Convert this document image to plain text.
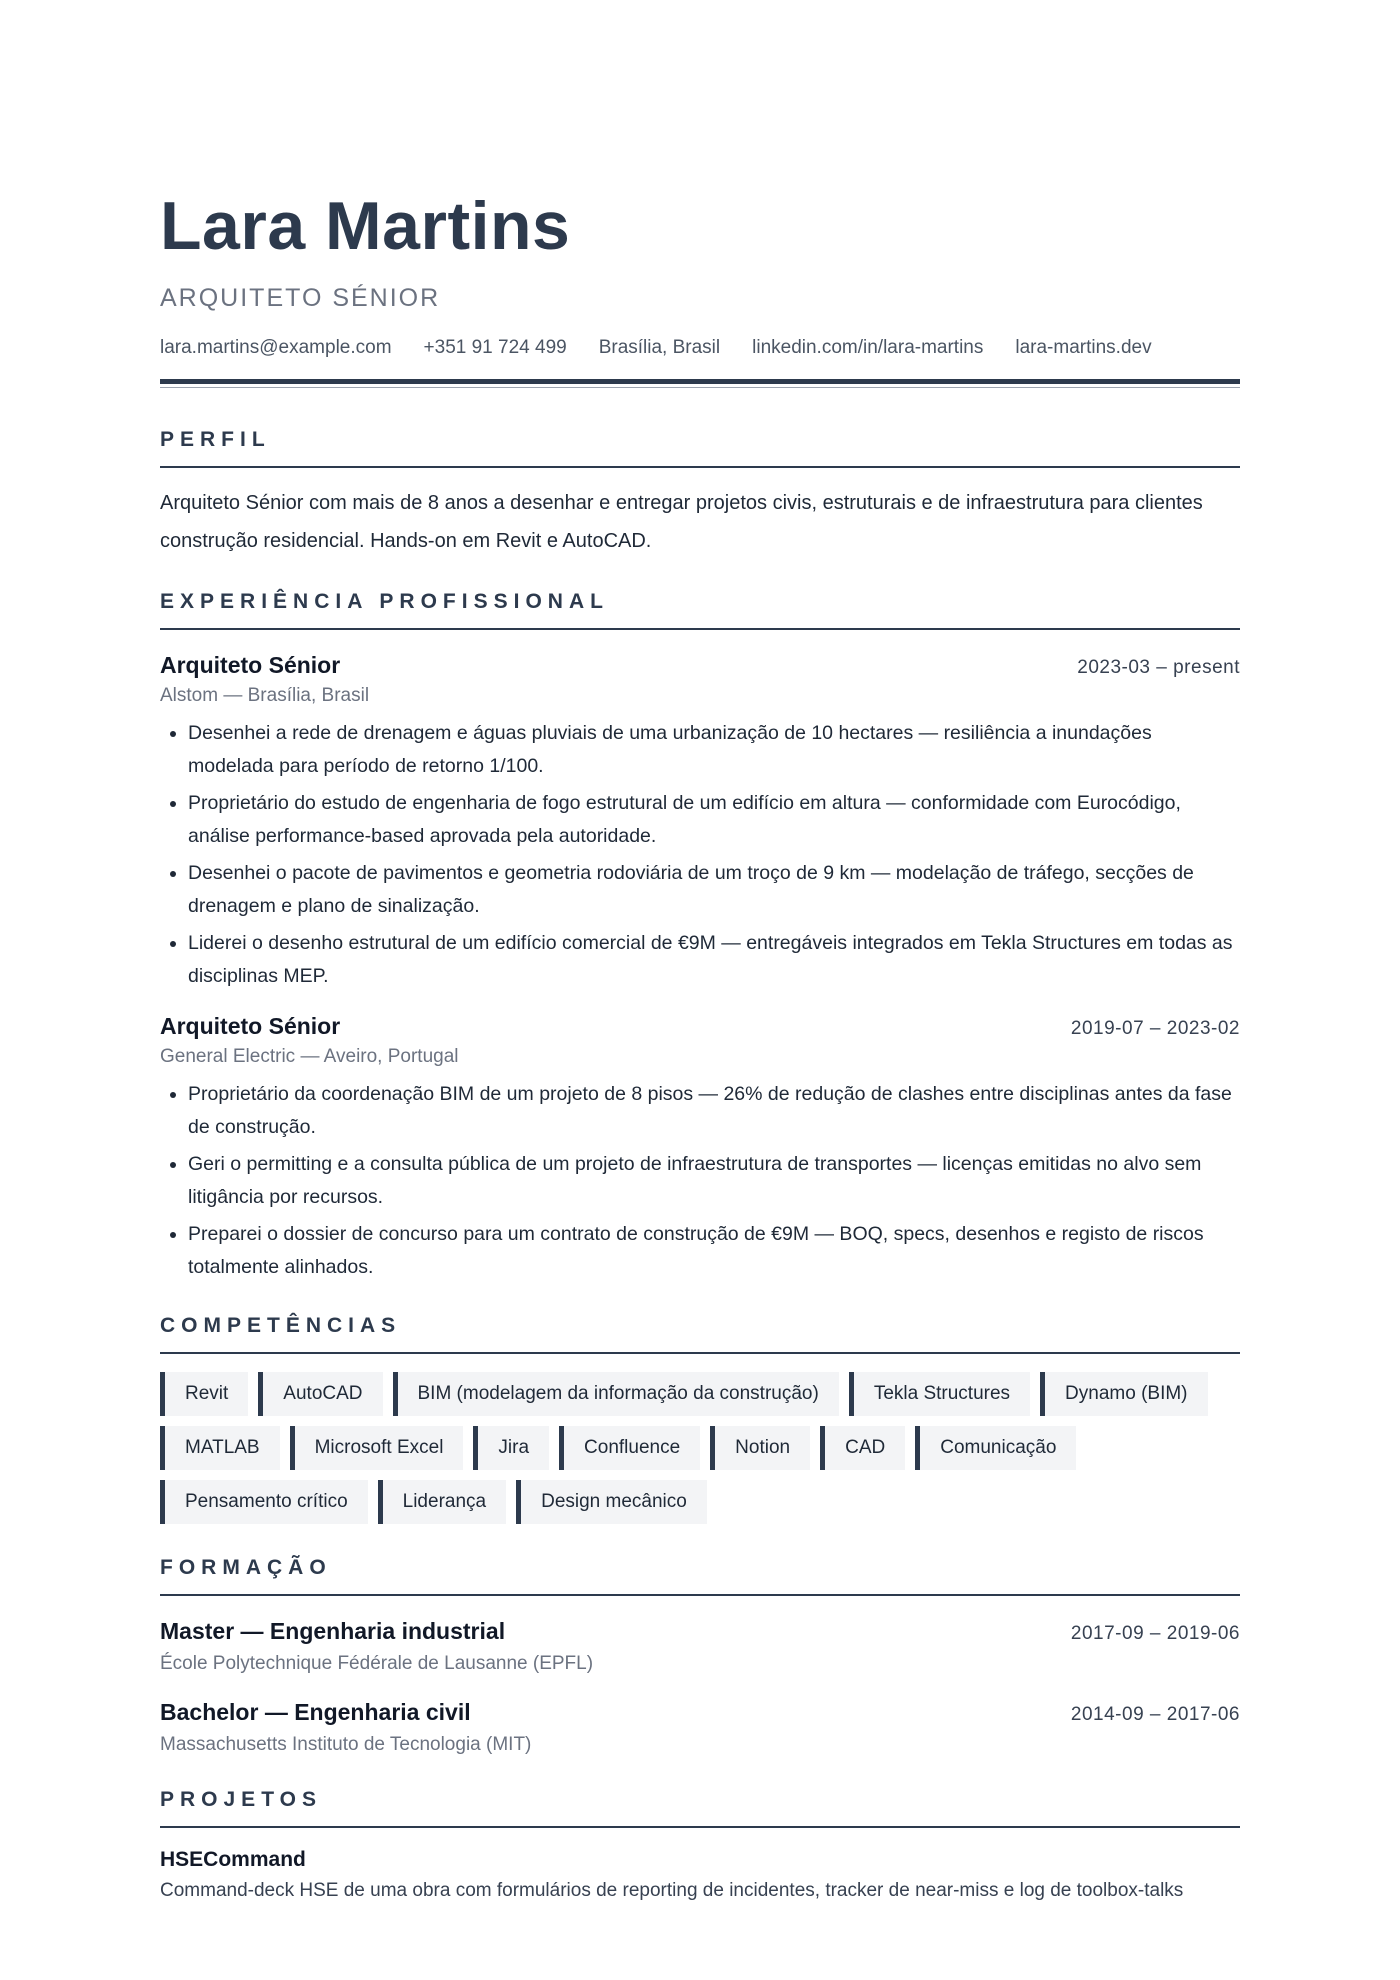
Lara Martins
ARQUITETO SÉNIOR
lara.martins@example.com +351 91 724 499 Brasília, Brasil linkedin.com/in/lara-martins lara-martins.dev
PERFIL
Arquiteto Sénior com mais de 8 anos a desenhar e entregar projetos civis, estruturais e de infraestrutura para clientes construção residencial. Hands-on em Revit e AutoCAD.
EXPERIÊNCIA PROFISSIONAL
Arquiteto Sénior	2023-03 – present
Alstom — Brasília, Brasil
• Desenhei a rede de drenagem e águas pluviais de uma urbanização de 10 hectares — resiliência a inundações modelada para período de retorno 1/100.
• Proprietário do estudo de engenharia de fogo estrutural de um edifício em altura — conformidade com Eurocódigo, análise performance-based aprovada pela autoridade.
• Desenhei o pacote de pavimentos e geometria rodoviária de um troço de 9 km — modelação de tráfego, secções de drenagem e plano de sinalização.
• Liderei o desenho estrutural de um edifício comercial de €9M — entregáveis integrados em Tekla Structures em todas as disciplinas MEP.
Arquiteto Sénior	2019-07 – 2023-02
General Electric — Aveiro, Portugal
• Proprietário da coordenação BIM de um projeto de 8 pisos — 26% de redução de clashes entre disciplinas antes da fase de construção.
• Geri o permitting e a consulta pública de um projeto de infraestrutura de transportes — licenças emitidas no alvo sem litigância por recursos.
• Preparei o dossier de concurso para um contrato de construção de €9M — BOQ, specs, desenhos e registo de riscos totalmente alinhados.
COMPETÊNCIAS
Revit	AutoCAD	BIM (modelagem da informação da construção)	Tekla Structures	Dynamo (BIM)
MATLAB	Microsoft Excel	Jira	Confluence	Notion	CAD	Comunicação
Pensamento crítico	Liderança	Design mecânico
FORMAÇÃO
Master — Engenharia industrial	2017-09 – 2019-06
École Polytechnique Fédérale de Lausanne (EPFL)
Bachelor — Engenharia civil	2014-09 – 2017-06
Massachusetts Instituto de Tecnologia (MIT)
PROJETOS
HSECommand
Command-deck HSE de uma obra com formulários de reporting de incidentes, tracker de near-miss e log de toolbox-talks
